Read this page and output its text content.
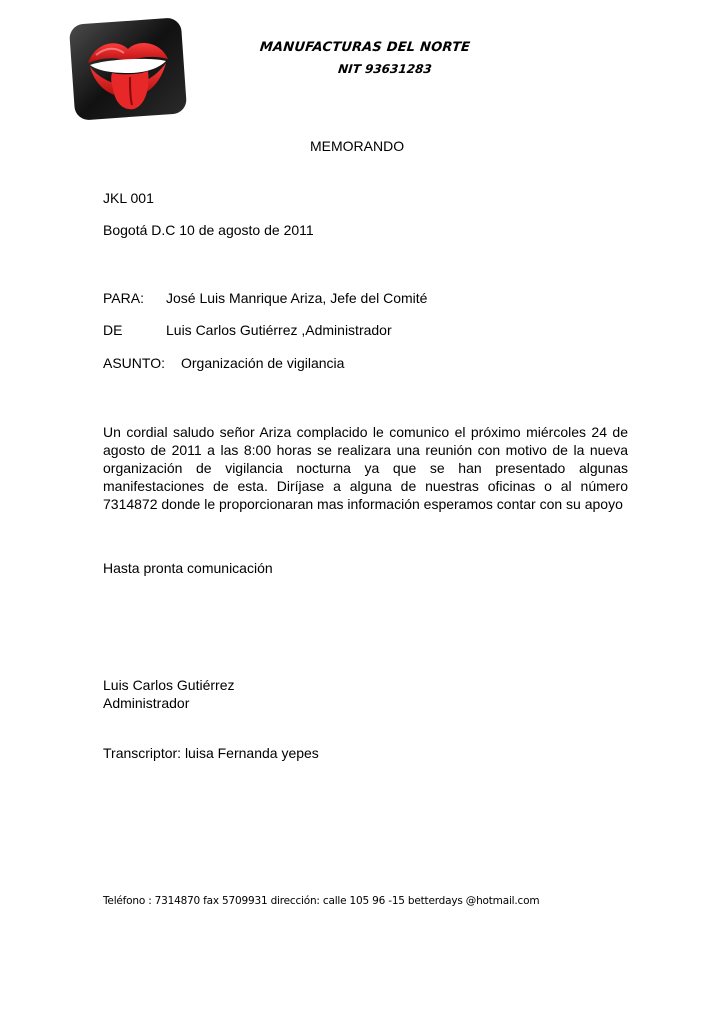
MANUFACTURAS DEL NORTE
NIT 93631283
MEMORANDO
JKL 001
Bogotá D.C 10 de agosto de 2011
PARA: José Luis Manrique Ariza, Jefe del Comité
DE	Luis Carlos Gutiérrez ,Administrador
ASUNTO: Organización de vigilancia
Un cordial saludo señor Ariza complacido le comunico el próximo miércoles 24 de agosto de 2011 a las 8:00 horas se realizara una reunión con motivo de la nueva organización de vigilancia nocturna ya que se han presentado algunas manifestaciones de esta. Diríjase a alguna de nuestras oficinas o al número 7314872 donde le proporcionaran mas información esperamos contar con su apoyo
Hasta pronta comunicación
Luis Carlos Gutiérrez
Administrador
Transcriptor: luisa Fernanda yepes
Teléfono : 7314870 fax 5709931 dirección: calle 105 96 -15 betterdays @hotmail.com
